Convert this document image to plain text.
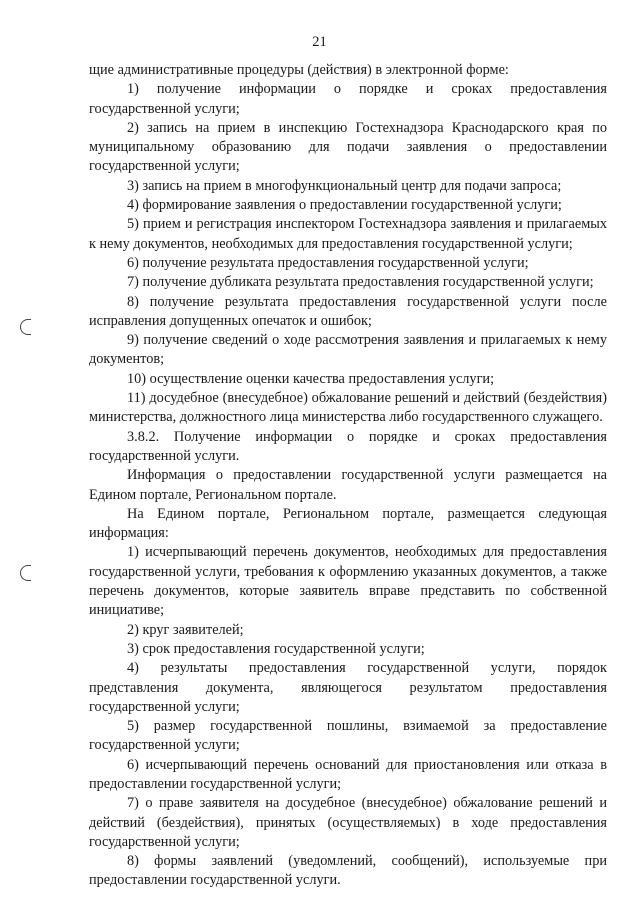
21

щие административные процедуры (действия) в электронной форме:

1) получение информации о порядке и сроках предоставления государственной услуги;

2) запись на прием в инспекцию Гостехнадзора Краснодарского края по муниципальному образованию для подачи заявления о предоставлении государственной услуги;

3) запись на прием в многофункциональный центр для подачи запроса;

4) формирование заявления о предоставлении государственной услуги;

5) прием и регистрация инспектором Гостехнадзора заявления и прилагаемых к нему документов, необходимых для предоставления государственной услуги;

6) получение результата предоставления государственной услуги;

7) получение дубликата результата предоставления государственной услуги;

8) получение результата предоставления государственной услуги после исправления допущенных опечаток и ошибок;

9) получение сведений о ходе рассмотрения заявления и прилагаемых к нему документов;

10) осуществление оценки качества предоставления услуги;

11) досудебное (внесудебное) обжалование решений и действий (бездействия) министерства, должностного лица министерства либо государственного служащего.

3.8.2. Получение информации о порядке и сроках предоставления государственной услуги.

Информация о предоставлении государственной услуги размещается на Едином портале, Региональном портале.

На Едином портале, Региональном портале, размещается следующая информация:

1) исчерпывающий перечень документов, необходимых для предоставления государственной услуги, требования к оформлению указанных документов, а также перечень документов, которые заявитель вправе представить по собственной инициативе;

2) круг заявителей;

3) срок предоставления государственной услуги;

4) результаты предоставления государственной услуги, порядок представления документа, являющегося результатом предоставления государственной услуги;

5) размер государственной пошлины, взимаемой за предоставление государственной услуги;

6) исчерпывающий перечень оснований для приостановления или отказа в предоставлении государственной услуги;

7) о праве заявителя на досудебное (внесудебное) обжалование решений и действий (бездействия), принятых (осуществляемых) в ходе предоставления государственной услуги;

8) формы заявлений (уведомлений, сообщений), используемые при предоставлении государственной услуги.
